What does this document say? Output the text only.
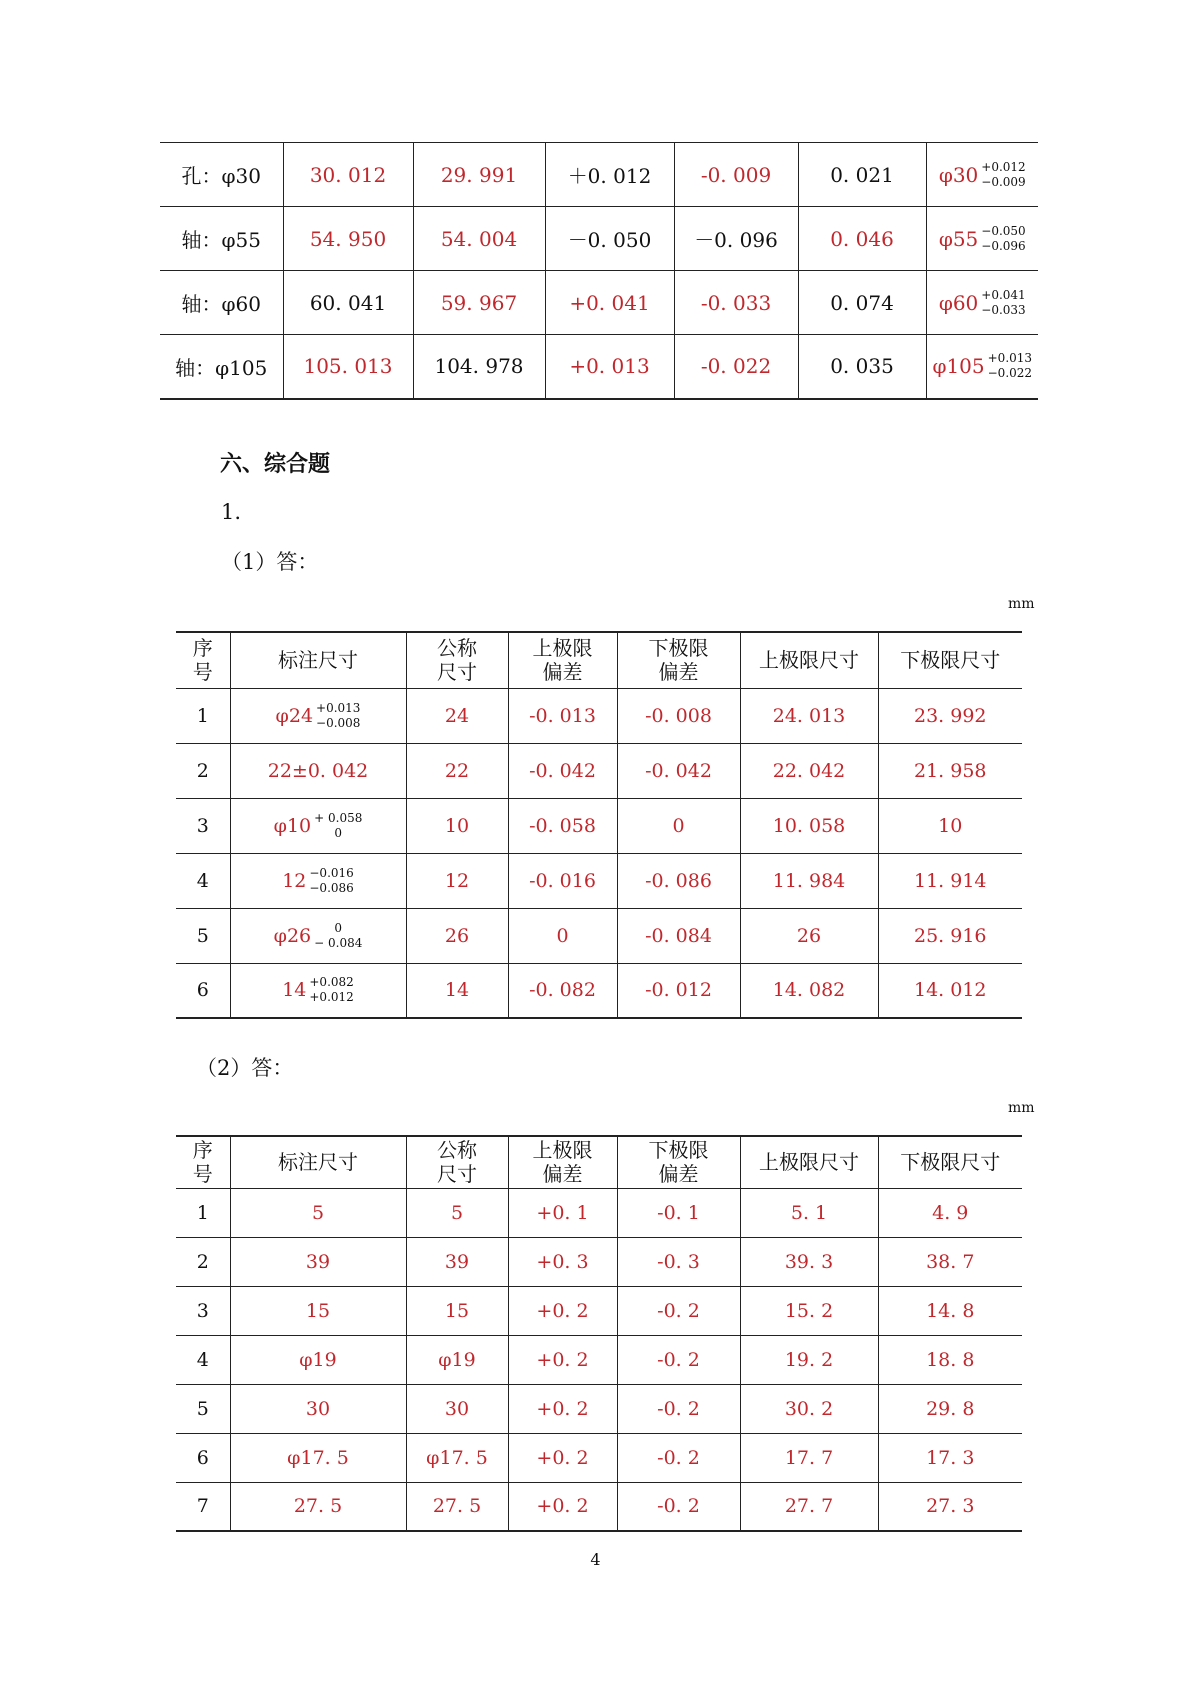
孔：φ30	30. 012	29. 991	＋0. 012	-0. 009	0. 021	φ30 +0.012
−0.009

轴：φ55	54. 950	54. 004	－0. 050	－0. 096	0. 046	φ55 −0.050
−0.096

轴：φ60	60. 041	59. 967	+0. 041	-0. 033	0. 074	φ60 +0.041
−0.033

轴：φ105	105. 013	104. 978	+0. 013	-0. 022	0. 035	φ105 +0.013
−0.022
六、综合题

1.

（1）答：

mm
序号	标注尺寸	公称尺寸	上极限偏差	下极限偏差	上极限尺寸	下极限尺寸
1	φ24 +0.013
−0.008	24	-0. 013	-0. 008	24. 013	23. 992
2	22±0. 042	22	-0. 042	-0. 042	22. 042	21. 958
3	φ10 + 0.058
0	10	-0. 058	0	10. 058	10
4	12 −0.016
−0.086	12	-0. 016	-0. 086	11. 984	11. 914
5	φ26 0
− 0.084	26	0	-0. 084	26	25. 916
6	14 +0.082
+0.012	14	-0. 082	-0. 012	14. 082	14. 012

（2）答：

mm
序号	标注尺寸	公称尺寸	上极限偏差	下极限偏差	上极限尺寸	下极限尺寸
1	5	5	+0. 1	-0. 1	5. 1	4. 9
2	39	39	+0. 3	-0. 3	39. 3	38. 7
3	15	15	+0. 2	-0. 2	15. 2	14. 8
4	φ19	φ19	+0. 2	-0. 2	19. 2	18. 8
5	30	30	+0. 2	-0. 2	30. 2	29. 8
6	φ17. 5	φ17. 5	+0. 2	-0. 2	17. 7	17. 3
7	27. 5	27. 5	+0. 2	-0. 2	27. 7	27. 3
4
